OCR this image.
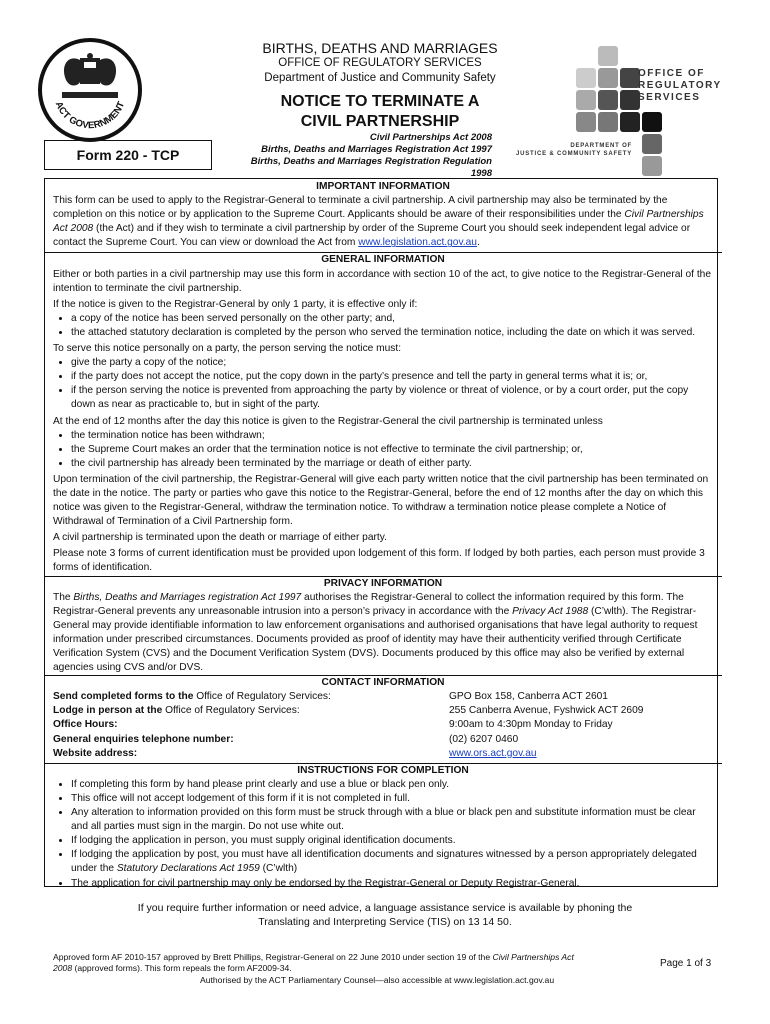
ACT GOVERNMENT
Form 220 - TCP
BIRTHS, DEATHS AND MARRIAGES
OFFICE OF REGULATORY SERVICES
Department of Justice and Community Safety
NOTICE TO TERMINATE A
CIVIL PARTNERSHIP
Civil Partnerships Act 2008
Births, Deaths and Marriages Registration Act 1997
Births, Deaths and Marriages Registration Regulation 1998
OFFICE OF
REGULATORY
SERVICES
DEPARTMENT OF
JUSTICE & COMMUNITY SAFETY
IMPORTANT INFORMATION

This form can be used to apply to the Registrar-General to terminate a civil partnership. A civil partnership may also be terminated by the completion on this notice or by application to the Supreme Court. Applicants should be aware of their responsibilities under the Civil Partnerships Act 2008 (the Act) and if they wish to terminate a civil partnership by order of the Supreme Court you should seek independent legal advice or contact the Supreme Court. You can view or download the Act from www.legislation.act.gov.au.

GENERAL INFORMATION

Either or both parties in a civil partnership may use this form in accordance with section 10 of the act, to give notice to the Registrar-General of the intention to terminate the civil partnership.

If the notice is given to the Registrar-General by only 1 party, it is effective only if:

• a copy of the notice has been served personally on the other party; and,
• the attached statutory declaration is completed by the person who served the termination notice, including the date on which it was served.

To serve this notice personally on a party, the person serving the notice must:

• give the party a copy of the notice;
• if the party does not accept the notice, put the copy down in the party’s presence and tell the party in general terms what it is; or,
• if the person serving the notice is prevented from approaching the party by violence or threat of violence, or by a court order, put the copy down as near as practicable to, but in sight of the party.

At the end of 12 months after the day this notice is given to the Registrar-General the civil partnership is terminated unless

• the termination notice has been withdrawn;
• the Supreme Court makes an order that the termination notice is not effective to terminate the civil partnership; or,
• the civil partnership has already been terminated by the marriage or death of either party.

Upon termination of the civil partnership, the Registrar-General will give each party written notice that the civil partnership has been terminated on the date in the notice. The party or parties who gave this notice to the Registrar-General, before the end of 12 months after the day on which this notice was given to the Registrar-General, withdraw the termination notice. To withdraw a termination notice please complete a Notice of Withdrawal of Termination of a Civil Partnership form.

A civil partnership is terminated upon the death or marriage of either party.

Please note 3 forms of current identification must be provided upon lodgement of this form. If lodged by both parties, each person must provide 3 forms of identification.

PRIVACY INFORMATION

The Births, Deaths and Marriages registration Act 1997 authorises the Registrar-General to collect the information required by this form. The Registrar-General prevents any unreasonable intrusion into a person’s privacy in accordance with the Privacy Act 1988 (C’wlth). The Registrar-General may provide identifiable information to law enforcement organisations and authorised organisations that have legal authority to request information under prescribed circumstances. Documents provided as proof of identity may have their authenticity verified through Certificate Verification System (CVS) and the Document Verification System (DVS). Documents produced by this office may also be verified by external agencies using CVS and/or DVS.

CONTACT INFORMATION
Send completed forms to the Office of Regulatory Services:	GPO Box 158, Canberra ACT 2601
Lodge in person at the Office of Regulatory Services:	255 Canberra Avenue, Fyshwick ACT 2609
Office Hours:	9:00am to 4:30pm Monday to Friday
General enquiries telephone number:	(02) 6207 0460
Website address:	www.ors.act.gov.au
INSTRUCTIONS FOR COMPLETION
• If completing this form by hand please print clearly and use a blue or black pen only.
• This office will not accept lodgement of this form if it is not completed in full.
• Any alteration to information provided on this form must be struck through with a blue or black pen and substitute information must be clear and all parties must sign in the margin. Do not use white out.
• If lodging the application in person, you must supply original identification documents.
• If lodging the application by post, you must have all identification documents and signatures witnessed by a person appropriately delegated under the Statutory Declarations Act 1959 (C’wlth)
• The application for civil partnership may only be endorsed by the Registrar-General or Deputy Registrar-General.
If you require further information or need advice, a language assistance service is available by phoning the
Translating and Interpreting Service (TIS) on 13 14 50.
Approved form AF 2010-157 approved by Brett Phillips, Registrar-General on 22 June 2010 under section 19 of the Civil Partnerships Act 2008 (approved forms). This form repeals the form AF2009-34.
Authorised by the ACT Parliamentary Counsel—also accessible at www.legislation.act.gov.au
Page 1 of 3
